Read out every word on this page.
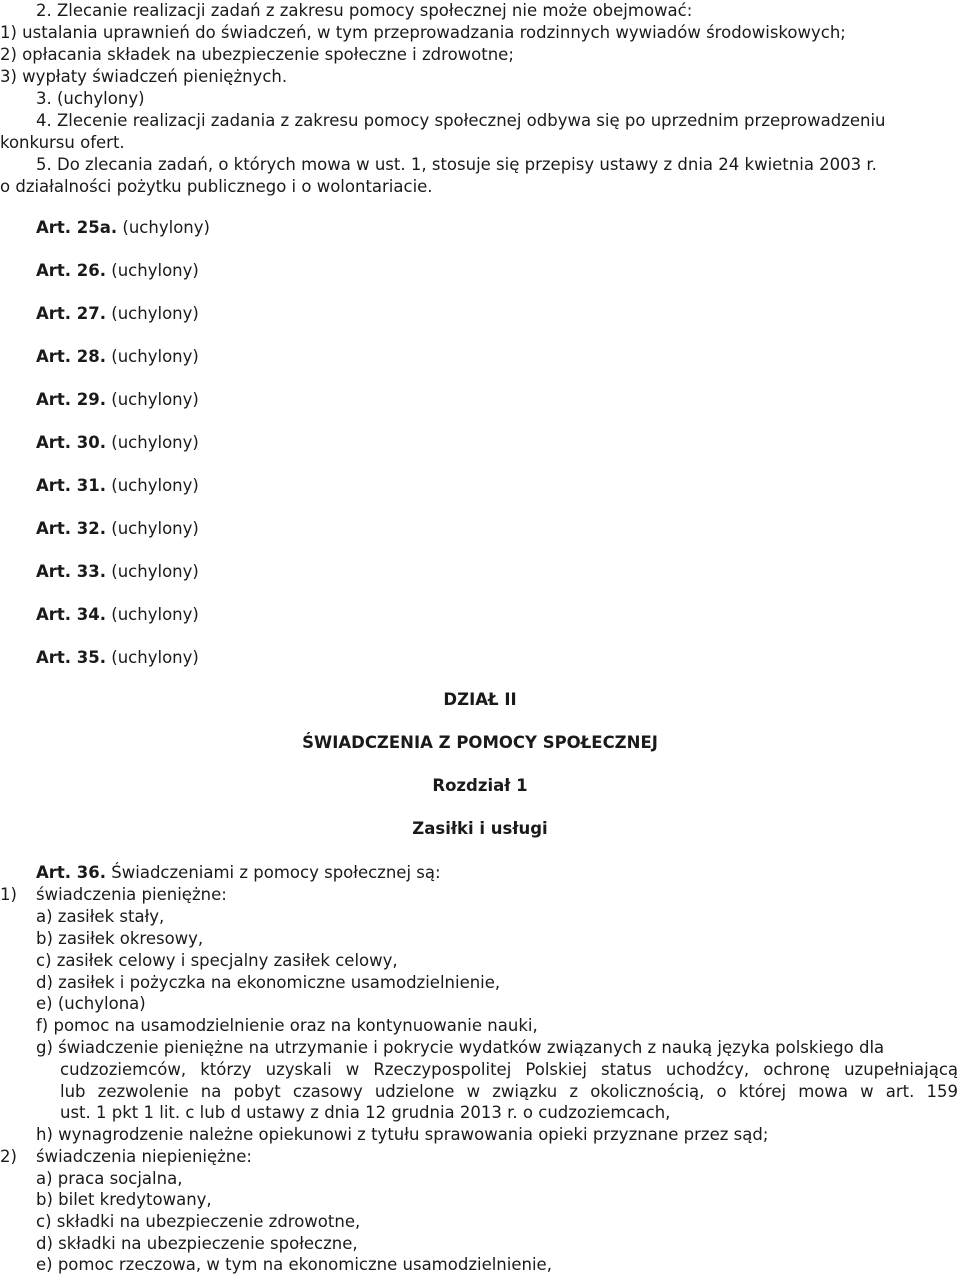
2. Zlecanie realizacji zadań z zakresu pomocy społecznej nie może obejmować:
1) ustalania uprawnień do świadczeń, w tym przeprowadzania rodzinnych wywiadów środowiskowych;
2) opłacania składek na ubezpieczenie społeczne i zdrowotne;
3) wypłaty świadczeń pieniężnych.
3. (uchylony)
4. Zlecenie realizacji zadania z zakresu pomocy społecznej odbywa się po uprzednim przeprowadzeniu
konkursu ofert.
5. Do zlecania zadań, o których mowa w ust. 1, stosuje się przepisy ustawy z dnia 24 kwietnia 2003 r.
o działalności pożytku publicznego i o wolontariacie.
Art. 25a. (uchylony)
Art. 26. (uchylony)
Art. 27. (uchylony)
Art. 28. (uchylony)
Art. 29. (uchylony)
Art. 30. (uchylony)
Art. 31. (uchylony)
Art. 32. (uchylony)
Art. 33. (uchylony)
Art. 34. (uchylony)
Art. 35. (uchylony)
DZIAŁ II
ŚWIADCZENIA Z POMOCY SPOŁECZNEJ
Rozdział 1
Zasiłki i usługi
Art. 36. Świadczeniami z pomocy społecznej są:
1) świadczenia pieniężne:
a) zasiłek stały,
b) zasiłek okresowy,
c) zasiłek celowy i specjalny zasiłek celowy,
d) zasiłek i pożyczka na ekonomiczne usamodzielnienie,
e) (uchylona)
f) pomoc na usamodzielnienie oraz na kontynuowanie nauki,
g) świadczenie pieniężne na utrzymanie i pokrycie wydatków związanych z nauką języka polskiego dla
cudzoziemców, którzy uzyskali w Rzeczypospolitej Polskiej status uchodźcy, ochronę uzupełniającą
lub zezwolenie na pobyt czasowy udzielone w związku z okolicznością, o której mowa w art. 159
ust. 1 pkt 1 lit. c lub d ustawy z dnia 12 grudnia 2013 r. o cudzoziemcach,
h) wynagrodzenie należne opiekunowi z tytułu sprawowania opieki przyznane przez sąd;
2) świadczenia niepieniężne:
a) praca socjalna,
b) bilet kredytowany,
c) składki na ubezpieczenie zdrowotne,
d) składki na ubezpieczenie społeczne,
e) pomoc rzeczowa, w tym na ekonomiczne usamodzielnienie,
